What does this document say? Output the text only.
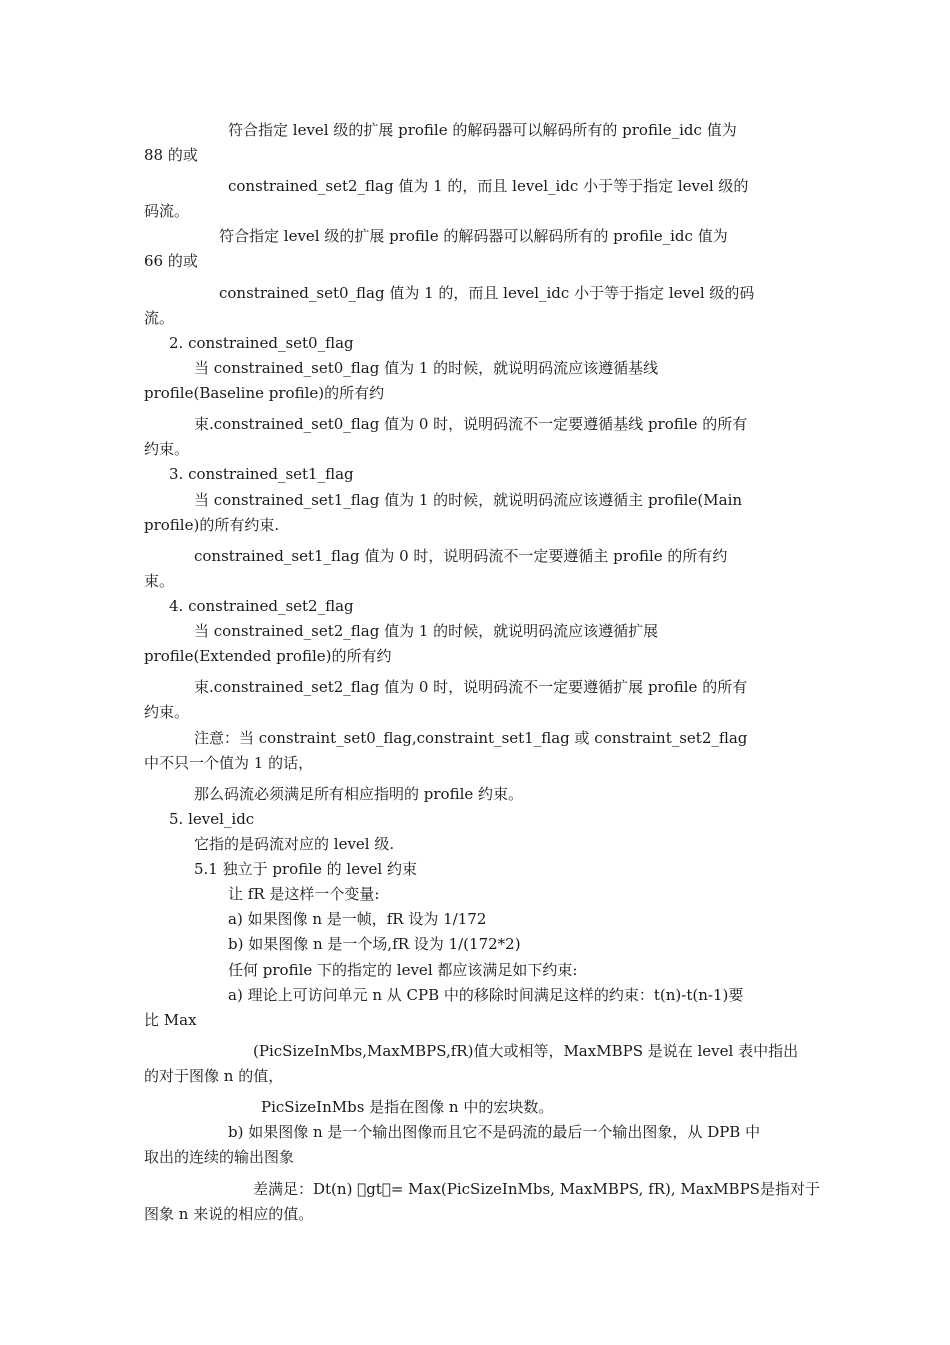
符合指定 level 级的扩展 profile 的解码器可以解码所有的 profile_idc 值为
88 的或
constrained_set2_flag 值为 1 的，而且 level_idc 小于等于指定 level 级的
码流。
符合指定 level 级的扩展 profile 的解码器可以解码所有的 profile_idc 值为
66 的或
constrained_set0_flag 值为 1 的，而且 level_idc 小于等于指定 level 级的码
流。
2. constrained_set0_flag
当 constrained_set0_flag 值为 1 的时候，就说明码流应该遵循基线
profile(Baseline profile)的所有约
束.constrained_set0_flag 值为 0 时，说明码流不一定要遵循基线 profile 的所有
约束。
3. constrained_set1_flag
当 constrained_set1_flag 值为 1 的时候，就说明码流应该遵循主 profile(Main
profile)的所有约束.
constrained_set1_flag 值为 0 时，说明码流不一定要遵循主 profile 的所有约
束。
4. constrained_set2_flag
当 constrained_set2_flag 值为 1 的时候，就说明码流应该遵循扩展
profile(Extended profile)的所有约
束.constrained_set2_flag 值为 0 时，说明码流不一定要遵循扩展 profile 的所有
约束。
注意：当 constraint_set0_flag,constraint_set1_flag 或 constraint_set2_flag
中不只一个值为 1 的话，
那么码流必须满足所有相应指明的 profile 约束。
5. level_idc
它指的是码流对应的 level 级.
5.1 独立于 profile 的 level 约束
让 fR 是这样一个变量:
a) 如果图像 n 是一帧，fR 设为 1/172
b) 如果图像 n 是一个场,fR 设为 1/(172*2)
任何 profile 下的指定的 level 都应该满足如下约束:
a) 理论上可访问单元 n 从 CPB 中的移除时间满足这样的约束：t(n)-t(n-1)要
比 Max
(PicSizeInMbs,MaxMBPS,fR)值大或相等，MaxMBPS 是说在 level 表中指出
的对于图像 n 的值，
PicSizeInMbs 是指在图像 n 中的宏块数。
b) 如果图像 n 是一个输出图像而且它不是码流的最后一个输出图象，从 DPB 中
取出的连续的输出图象
差满足：Dt(n)  gt = Max(PicSizeInMbs, MaxMBPS, fR), MaxMBPS是指对于
图象 n 来说的相应的值。
